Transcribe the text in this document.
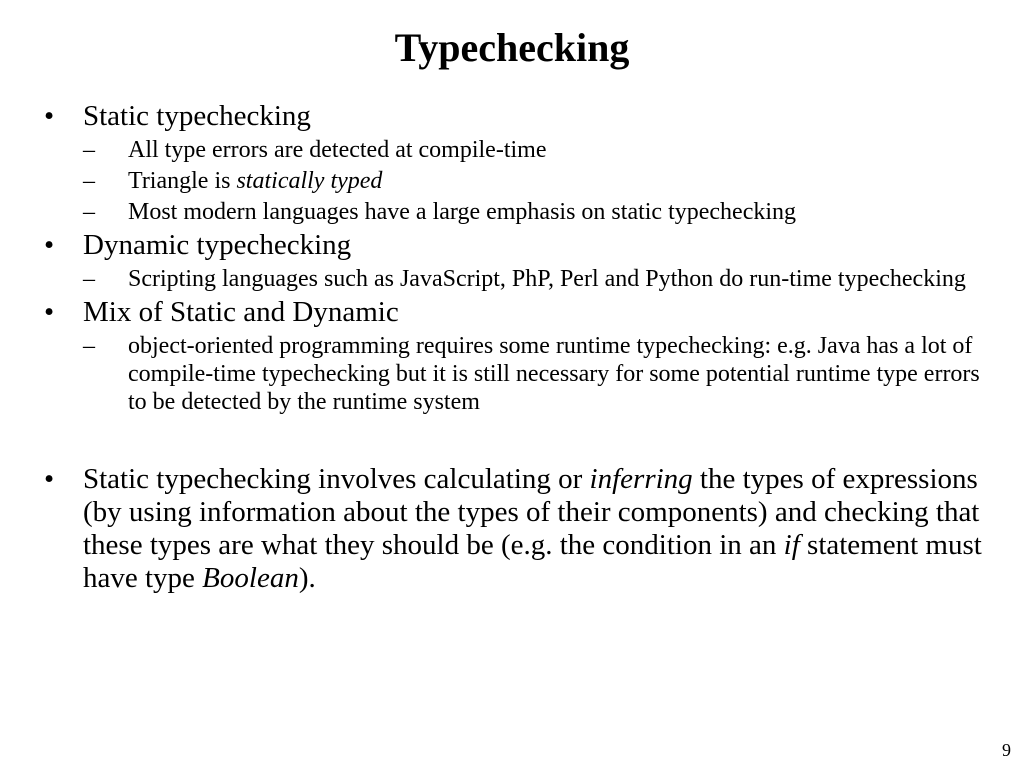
Typechecking
• Static typechecking
– All type errors are detected at compile-time
– Triangle is statically typed
– Most modern languages have a large emphasis on static typechecking
• Dynamic typechecking
– Scripting languages such as JavaScript, PhP, Perl and Python do run-time typechecking
• Mix of Static and Dynamic
– object-oriented programming requires some runtime typechecking: e.g. Java has a lot of compile-time typechecking but it is still necessary for some potential runtime type errors to be detected by the runtime system
• Static typechecking involves calculating or inferring the types of expressions (by using information about the types of their components) and checking that these types are what they should be (e.g. the condition in an if statement must have type Boolean).
9
